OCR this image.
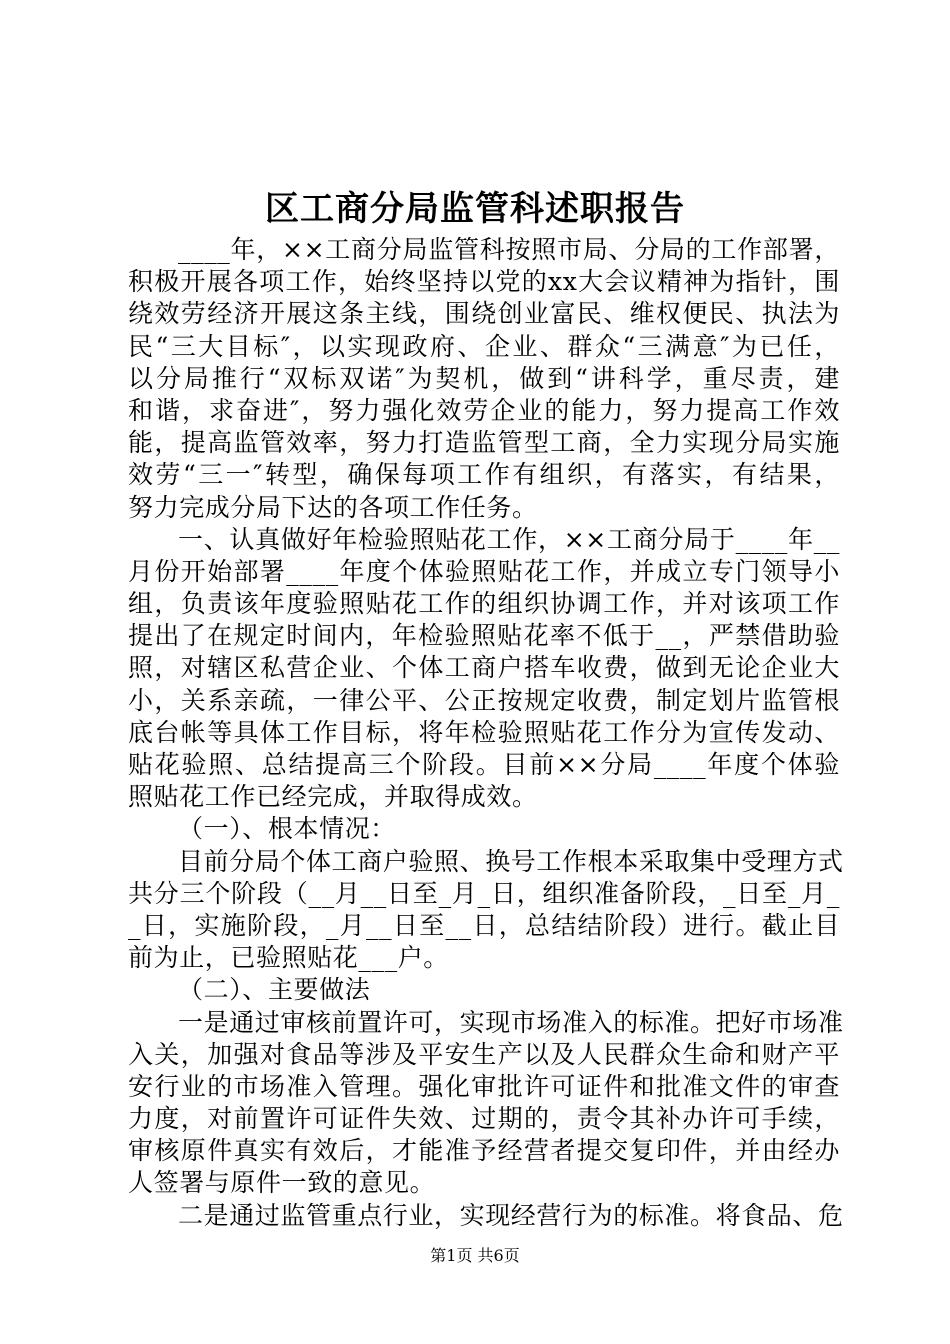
区工商分局监管科述职报告
____年，××工商分局监管科按照市局、分局的工作部署，
积极开展各项工作，始终坚持以党的xx大会议精神为指针，围
绕效劳经济开展这条主线，围绕创业富民、维权便民、执法为
民“三大目标″，以实现政府、企业、群众“三满意″为已任，
以分局推行“双标双诺″为契机，做到“讲科学，重尽责，建
和谐，求奋进″，努力强化效劳企业的能力，努力提高工作效
能，提高监管效率，努力打造监管型工商，全力实现分局实施
效劳“三一″转型，确保每项工作有组织，有落实，有结果，
努力完成分局下达的各项工作任务。
一、认真做好年检验照贴花工作，××工商分局于____年__
月份开始部署____年度个体验照贴花工作，并成立专门领导小
组，负责该年度验照贴花工作的组织协调工作，并对该项工作
提出了在规定时间内，年检验照贴花率不低于__，严禁借助验
照，对辖区私营企业、个体工商户搭车收费，做到无论企业大
小，关系亲疏，一律公平、公正按规定收费，制定划片监管根
底台帐等具体工作目标，将年检验照贴花工作分为宣传发动、
贴花验照、总结提高三个阶段。目前××分局____年度个体验
照贴花工作已经完成，并取得成效。
（一）、根本情况：
目前分局个体工商户验照、换号工作根本采取集中受理方式
共分三个阶段（__月__日至_月_日，组织准备阶段，_日至_月_
_日，实施阶段，_月__日至__日，总结结阶段）进行。截止目
前为止，已验照贴花___户。
（二）、主要做法
一是通过审核前置许可，实现市场准入的标准。把好市场准
入关，加强对食品等涉及平安生产以及人民群众生命和财产平
安行业的市场准入管理。强化审批许可证件和批准文件的审查
力度，对前置许可证件失效、过期的，责令其补办许可手续，
审核原件真实有效后，才能准予经营者提交复印件，并由经办
人签署与原件一致的意见。
二是通过监管重点行业，实现经营行为的标准。将食品、危
第1页 共6页
